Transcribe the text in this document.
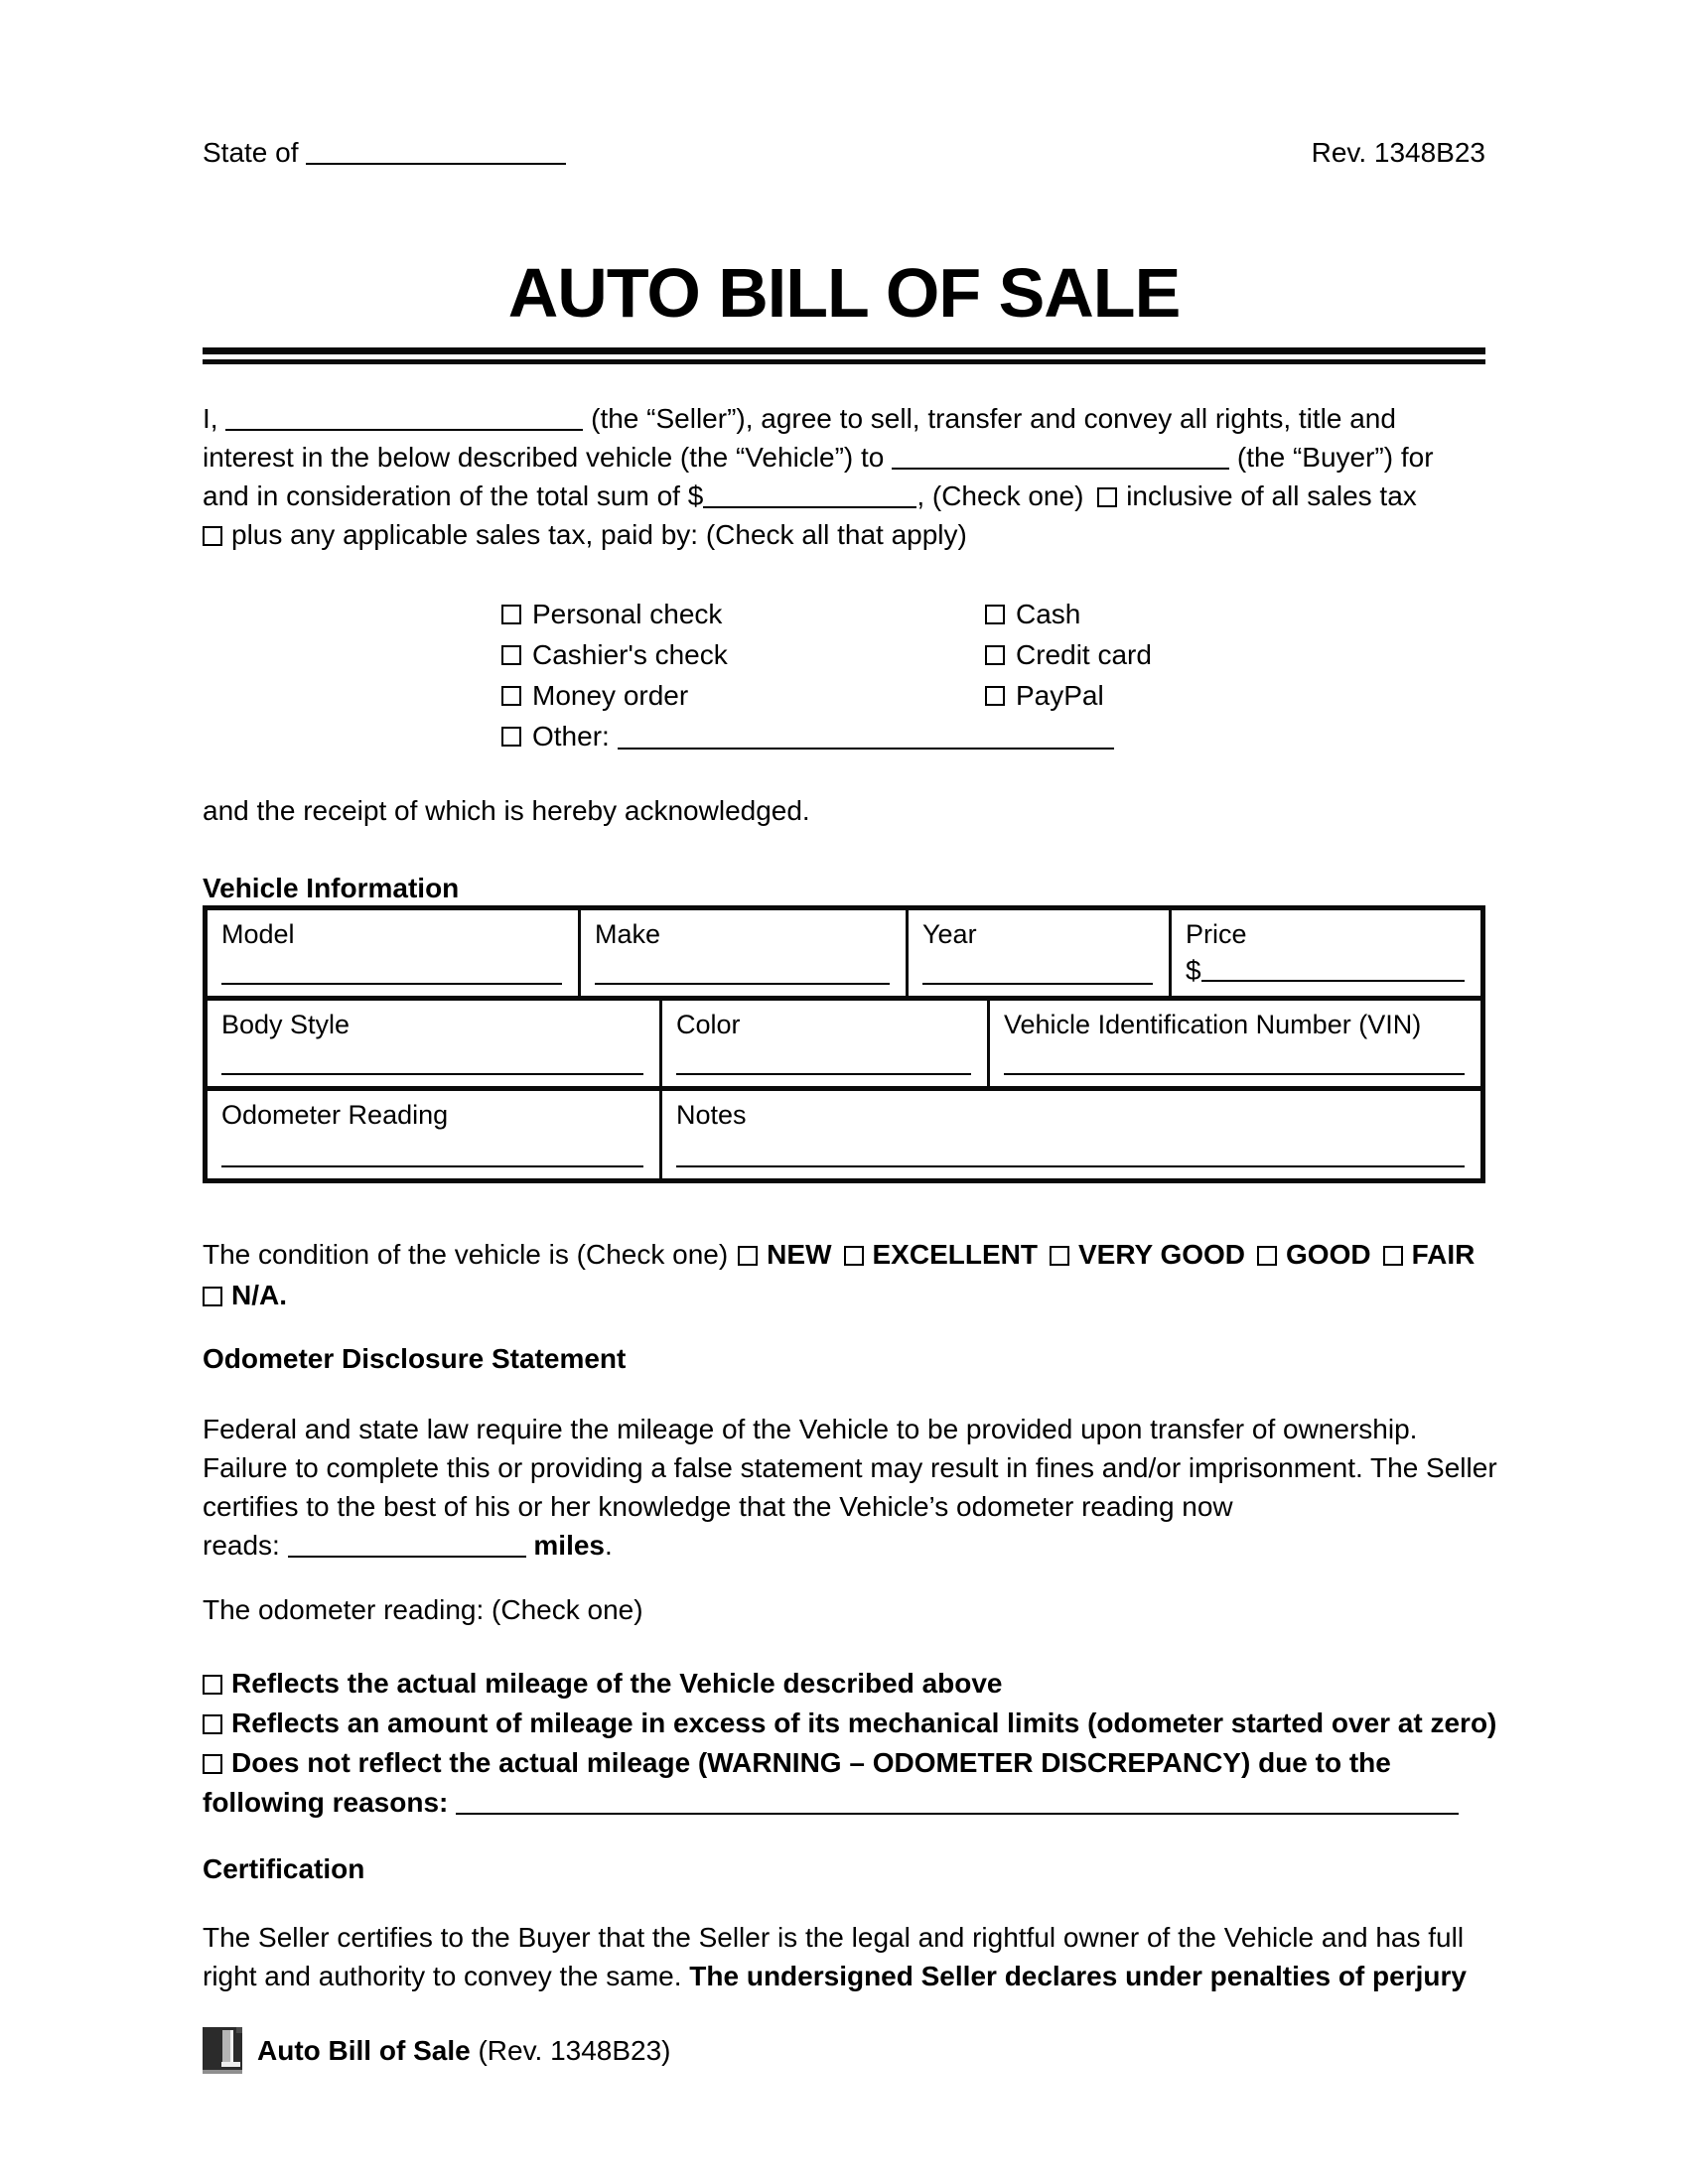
State of	Rev. 1348B23
AUTO BILL OF SALE
I,	(the “Seller”), agree to sell, transfer and convey all rights, title and
interest in the below described vehicle (the “Vehicle”) to	(the “Buyer”) for
and in consideration of the total sum of $	, (Check one) inclusive of all sales tax
plus any applicable sales tax, paid by: (Check all that apply)
Personal check
Cashier's check
Money order
Other:

Cash
Credit card
PayPal
and the receipt of which is hereby acknowledged.
Vehicle Information
Model	Make	Year	Price
$
Body Style	Color	Vehicle Identification Number (VIN)
Odometer Reading	Notes
The condition of the vehicle is (Check one) NEW EXCELLENT VERY GOOD GOOD FAIR
N/A.
Odometer Disclosure Statement
Federal and state law require the mileage of the Vehicle to be provided upon transfer of ownership.
Failure to complete this or providing a false statement may result in fines and/or imprisonment. The Seller
certifies to the best of his or her knowledge that the Vehicle’s odometer reading now
reads:	miles.
The odometer reading: (Check one)
Reflects the actual mileage of the Vehicle described above
Reflects an amount of mileage in excess of its mechanical limits (odometer started over at zero)
Does not reflect the actual mileage (WARNING – ODOMETER DISCREPANCY) due to the
following reasons:
Certification
The Seller certifies to the Buyer that the Seller is the legal and rightful owner of the Vehicle and has full
right and authority to convey the same. The undersigned Seller declares under penalties of perjury
Auto Bill of Sale (Rev. 1348B23)
